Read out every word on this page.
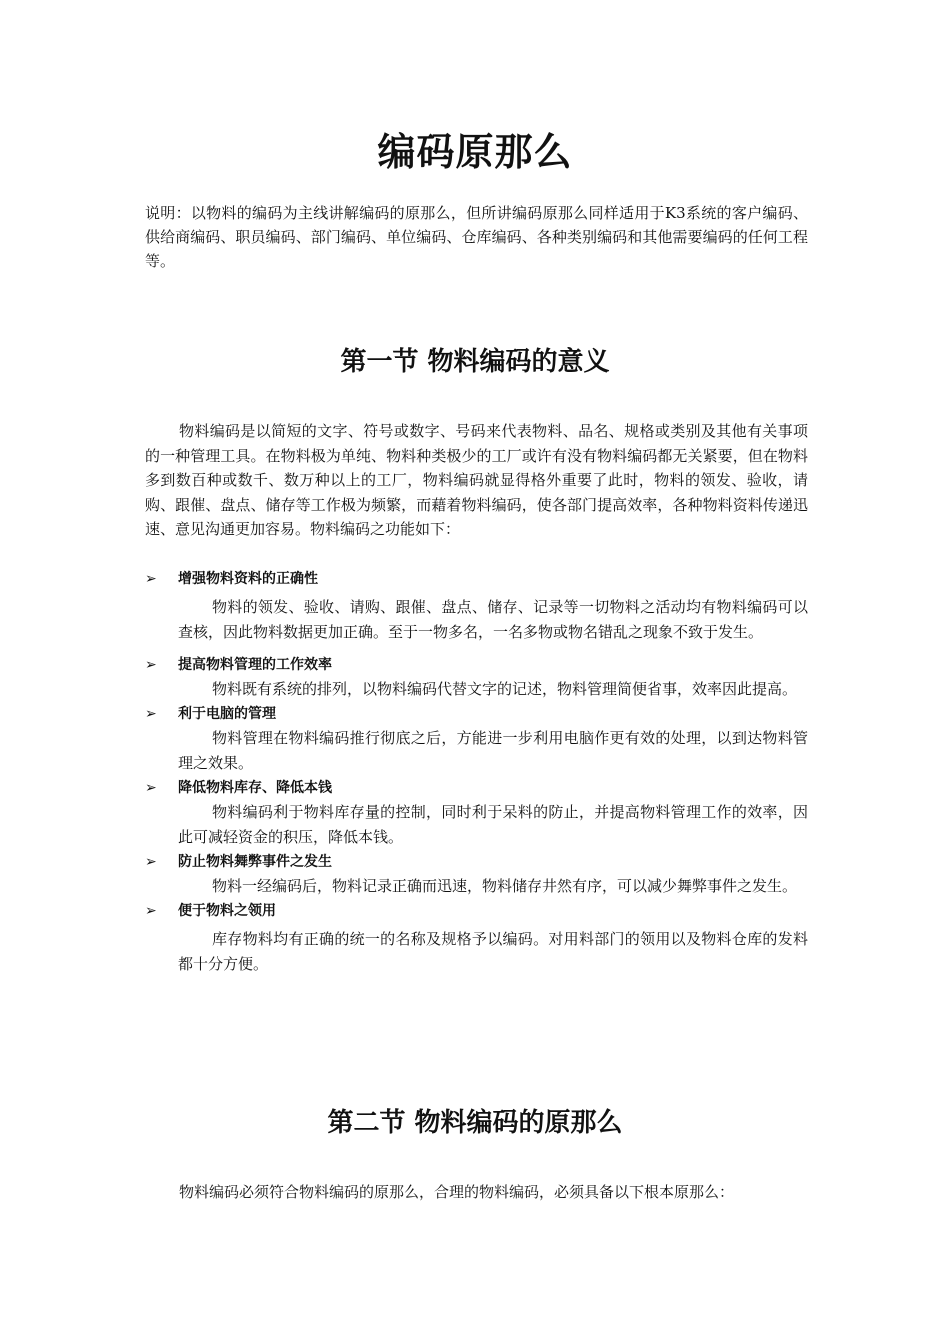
编码原那么

说明：以物料的编码为主线讲解编码的原那么，但所讲编码原那么同样适用于K3系统的客户编码、供给商编码、职员编码、部门编码、单位编码、仓库编码、各种类别编码和其他需要编码的任何工程等。

第一节 物料编码的意义

物料编码是以简短的文字、符号或数字、号码来代表物料、品名、规格或类别及其他有关事项的一种管理工具。在物料极为单纯、物料种类极少的工厂或许有没有物料编码都无关紧要，但在物料多到数百种或数千、数万种以上的工厂，物料编码就显得格外重要了此时，物料的领发、验收，请购、跟催、盘点、储存等工作极为频繁，而藉着物料编码，使各部门提高效率，各种物料资料传递迅速、意见沟通更加容易。物料编码之功能如下：

➢ 增强物料资料的正确性
物料的领发、验收、请购、跟催、盘点、储存、记录等一切物料之活动均有物料编码可以查核，因此物料数据更加正确。至于一物多名，一名多物或物名错乱之现象不致于发生。
➢ 提高物料管理的工作效率
物料既有系统的排列，以物料编码代替文字的记述，物料管理简便省事，效率因此提高。
➢ 利于电脑的管理
物料管理在物料编码推行彻底之后，方能进一步利用电脑作更有效的处理，以到达物料管理之效果。
➢ 降低物料库存、降低本钱
物料编码利于物料库存量的控制，同时利于呆料的防止，并提高物料管理工作的效率，因此可减轻资金的积压，降低本钱。
➢ 防止物料舞弊事件之发生
物料一经编码后，物料记录正确而迅速，物料储存井然有序，可以减少舞弊事件之发生。
➢ 便于物料之领用
库存物料均有正确的统一的名称及规格予以编码。对用料部门的领用以及物料仓库的发料都十分方便。
第二节 物料编码的原那么

物料编码必须符合物料编码的原那么，合理的物料编码，必须具备以下根本原那么：
